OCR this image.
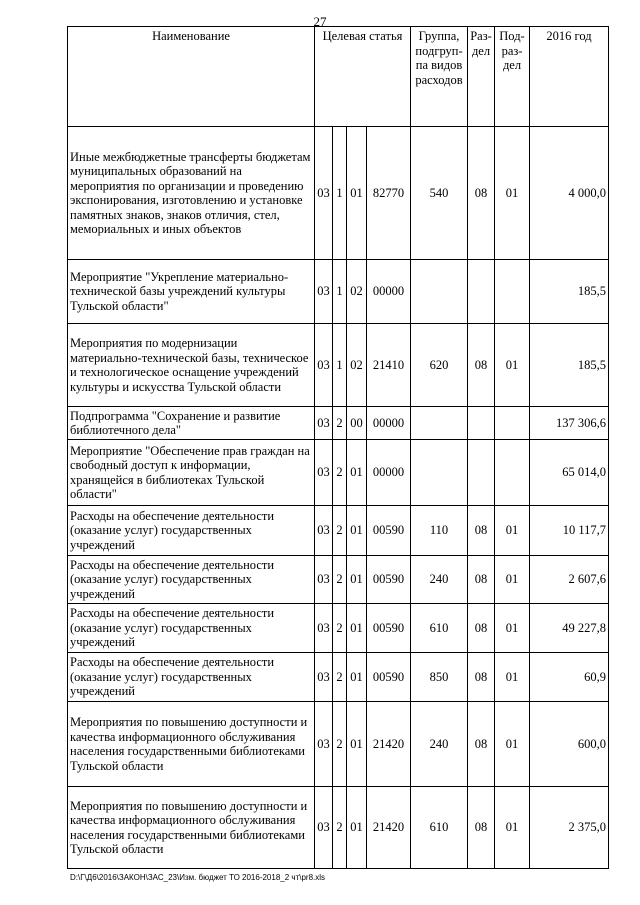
27
Наименование	Целевая статья				Группа, подгруп-па видов расходов	Раз-дел	Под-раз-дел	2016 год
Иные межбюджетные трансферты бюджетам муниципальных образований на мероприятия по организации и проведению экспонирования, изготовлению и установке памятных знаков, знаков отличия, стел, мемориальных и иных объектов	03	1	01	82770	540	08	01	4 000,0
Мероприятие "Укрепление материально-технической базы учреждений культуры Тульской области"	03	1	02	00000				185,5
Мероприятия по модернизации материально-технической базы, техническое и технологическое оснащение учреждений культуры и искусства Тульской области	03	1	02	21410	620	08	01	185,5
Подпрограмма "Сохранение и развитие библиотечного дела"	03	2	00	00000				137 306,6
Мероприятие "Обеспечение прав граждан на свободный доступ к информации, хранящейся в библиотеках Тульской области"	03	2	01	00000				65 014,0
Расходы на обеспечение деятельности (оказание услуг) государственных учреждений	03	2	01	00590	110	08	01	10 117,7
Расходы на обеспечение деятельности (оказание услуг) государственных учреждений	03	2	01	00590	240	08	01	2 607,6
Расходы на обеспечение деятельности (оказание услуг) государственных учреждений	03	2	01	00590	610	08	01	49 227,8
Расходы на обеспечение деятельности (оказание услуг) государственных учреждений	03	2	01	00590	850	08	01	60,9
Мероприятия по повышению доступности и качества информационного обслуживания населения государственными библиотеками Тульской области	03	2	01	21420	240	08	01	600,0
Мероприятия по повышению доступности и качества информационного обслуживания населения государственными библиотеками Тульской области	03	2	01	21420	610	08	01	2 375,0
D:\Г\Д6\2016\ЗАКОН\ЗАС_23\Изм. бюджет ТО 2016-2018_2 чт\pr8.xls
